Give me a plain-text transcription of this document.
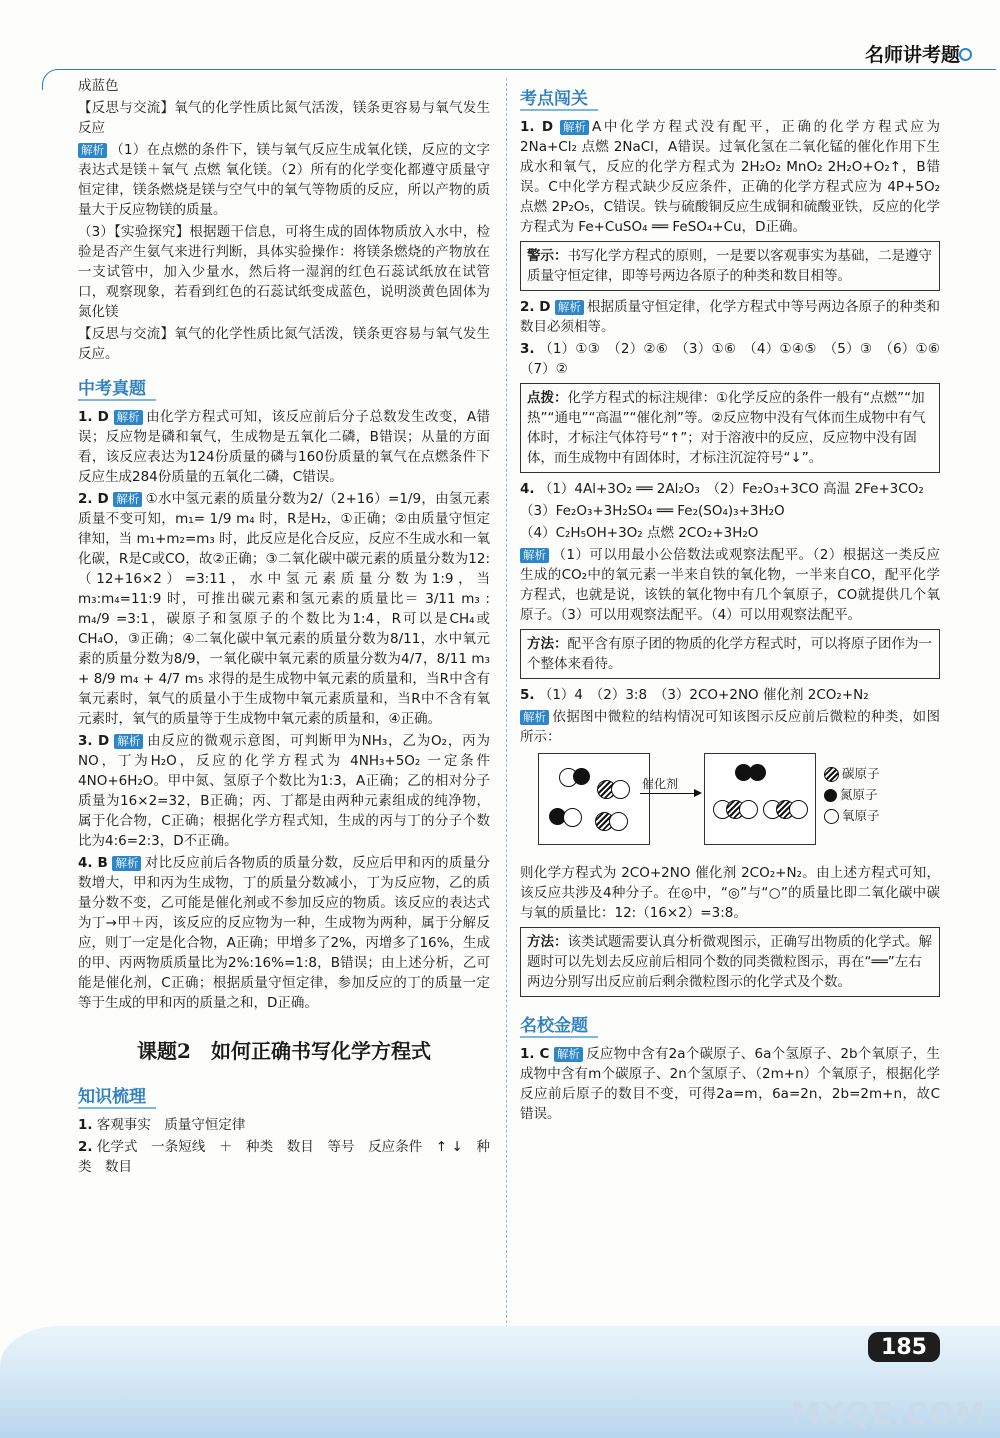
名师讲考题

成蓝色

【反思与交流】氧气的化学性质比氮气活泼，镁条更容易与氧气发生反应

解析 （1）在点燃的条件下，镁与氧气反应生成氧化镁，反应的文字表达式是镁＋氧气 点燃 氧化镁。（2）所有的化学变化都遵守质量守恒定律，镁条燃烧是镁与空气中的氧气等物质的反应，所以产物的质量大于反应物镁的质量。

（3）【实验探究】根据题干信息，可将生成的固体物质放入水中，检验是否产生氨气来进行判断，具体实验操作：将镁条燃烧的产物放在一支试管中，加入少量水，然后将一湿润的红色石蕊试纸放在试管口，观察现象，若看到红色的石蕊试纸变成蓝色，说明淡黄色固体为氮化镁

【反思与交流】氧气的化学性质比氮气活泼，镁条更容易与氧气发生反应。

中考真题

1. D 解析 由化学方程式可知，该反应前后分子总数发生改变，A错误；反应物是磷和氧气，生成物是五氧化二磷，B错误；从量的方面看，该反应表达为124份质量的磷与160份质量的氧气在点燃条件下反应生成284份质量的五氧化二磷，C错误。

2. D 解析 ①水中氢元素的质量分数为2/（2+16）=1/9，由氢元素质量不变可知，m₁= 1/9 m₄ 时，R是H₂，①正确；②由质量守恒定律知，当 m₁+m₂=m₃ 时，此反应是化合反应，反应不生成水和一氧化碳，R是C或CO，故②正确；③二氧化碳中碳元素的质量分数为12:（12+16×2）=3:11，水中氢元素质量分数为1:9，当 m₃:m₄=11:9 时，可推出碳元素和氢元素的质量比＝ 3/11 m₃ : m₄/9 =3:1，碳原子和氢原子的个数比为1:4，R可以是CH₄或CH₄O，③正确；④二氧化碳中氧元素的质量分数为8/11，水中氧元素的质量分数为8/9，一氧化碳中氧元素的质量分数为4/7，8/11 m₃ + 8/9 m₄ + 4/7 m₅ 求得的是生成物中氧元素的质量和，当R中含有氧元素时，氧气的质量小于生成物中氧元素质量和，当R中不含有氧元素时，氧气的质量等于生成物中氧元素的质量和，④正确。

3. D 解析 由反应的微观示意图，可判断甲为NH₃，乙为O₂，丙为NO，丁为H₂O，反应的化学方程式为 4NH₃+5O₂ 一定条件 4NO+6H₂O。甲中氮、氢原子个数比为1:3，A正确；乙的相对分子质量为16×2=32，B正确；丙、丁都是由两种元素组成的纯净物，属于化合物，C正确；根据化学方程式知，生成的丙与丁的分子个数比为4:6=2:3，D不正确。

4. B 解析 对比反应前后各物质的质量分数，反应后甲和丙的质量分数增大，甲和丙为生成物，丁的质量分数减小，丁为反应物，乙的质量分数不变，乙可能是催化剂或不参加反应的物质。该反应的表达式为丁→甲＋丙，该反应的反应物为一种，生成物为两种，属于分解反应，则丁一定是化合物，A正确；甲增多了2%，丙增多了16%，生成的甲、丙两物质质量比为2%:16%=1:8，B错误；由上述分析，乙可能是催化剂，C正确；根据质量守恒定律，参加反应的丁的质量一定等于生成的甲和丙的质量之和，D正确。

课题2　如何正确书写化学方程式
知识梳理

1. 客观事实　质量守恒定律

2. 化学式　一条短线　＋　种类　数目　等号　反应条件　↑ ↓　种类　数目

考点闯关

1. D 解析 A中化学方程式没有配平，正确的化学方程式应为 2Na+Cl₂ 点燃 2NaCl，A错误。过氧化氢在二氧化锰的催化作用下生成水和氧气，反应的化学方程式为 2H₂O₂ MnO₂ 2H₂O+O₂↑，B错误。C中化学方程式缺少反应条件，正确的化学方程式应为 4P+5O₂ 点燃 2P₂O₅，C错误。铁与硫酸铜反应生成铜和硫酸亚铁，反应的化学方程式为 Fe+CuSO₄ ══ FeSO₄+Cu，D正确。

警示：书写化学方程式的原则，一是要以客观事实为基础，二是遵守质量守恒定律，即等号两边各原子的种类和数目相等。

2. D 解析 根据质量守恒定律，化学方程式中等号两边各原子的种类和数目必须相等。

3. （1）①③　（2）②⑥　（3）①⑥　（4）①④⑤　（5）③　（6）①⑥　（7）②

点拨：化学方程式的标注规律：①化学反应的条件一般有“点燃”“加热”“通电”“高温”“催化剂”等。②反应物中没有气体而生成物中有气体时，才标注气体符号“↑”；对于溶液中的反应，反应物中没有固体，而生成物中有固体时，才标注沉淀符号“↓”。

4. （1）4Al+3O₂ ══ 2Al₂O₃　（2）Fe₂O₃+3CO 高温 2Fe+3CO₂

（3）Fe₂O₃+3H₂SO₄ ══ Fe₂(SO₄)₃+3H₂O

（4）C₂H₅OH+3O₂ 点燃 2CO₂+3H₂O

解析 （1）可以用最小公倍数法或观察法配平。（2）根据这一类反应生成的CO₂中的氧元素一半来自铁的氧化物，一半来自CO，配平化学方程式，也就是说，该铁的氧化物中有几个氧原子，CO就提供几个氧原子。（3）可以用观察法配平。（4）可以用观察法配平。

方法：配平含有原子团的物质的化学方程式时，可以将原子团作为一个整体来看待。

5. （1）4　（2）3:8　（3）2CO+2NO 催化剂 2CO₂+N₂

解析 依据图中微粒的结构情况可知该图示反应前后微粒的种类，如图所示：

催化剂
碳原子
氮原子
氧原子

则化学方程式为 2CO+2NO 催化剂 2CO₂+N₂。由上述方程式可知，该反应共涉及4种分子。在◎中，“◎”与“○”的质量比即二氧化碳中碳与氧的质量比：12:（16×2）=3:8。

方法：该类试题需要认真分析微观图示，正确写出物质的化学式。解题时可以先划去反应前后相同个数的同类微粒图示，再在“══”左右两边分别写出反应前后剩余微粒图示的化学式及个数。
名校金题

1. C 解析 反应物中含有2a个碳原子、6a个氢原子、2b个氧原子，生成物中含有m个碳原子、2n个氢原子、（2m+n）个氧原子，根据化学反应前后原子的数目不变，可得2a=m，6a=2n，2b=2m+n，故C错误。

185
MXQE.COM
